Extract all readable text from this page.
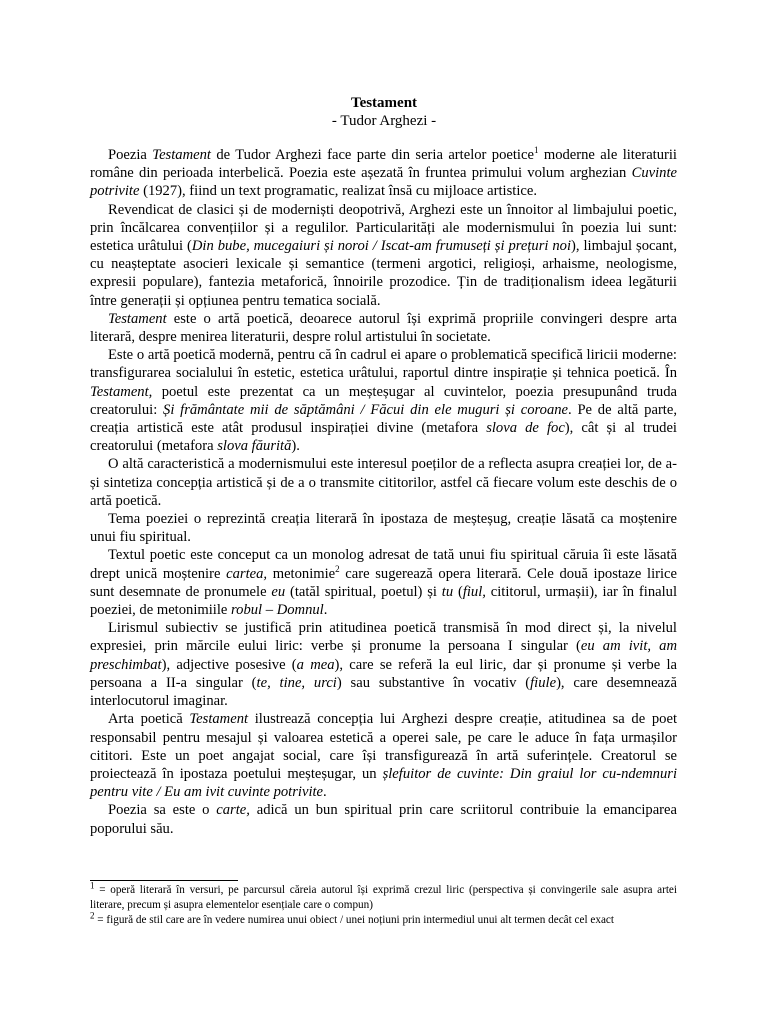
Testament
- Tudor Arghezi -

Poezia Testament de Tudor Arghezi face parte din seria artelor poetice$^1$ moderne ale literaturii române din perioada interbelică. Poezia este așezată în fruntea primului volum arghezian Cuvinte potrivite (1927), fiind un text programatic, realizat însă cu mijloace artistice.

Revendicat de clasici și de moderniști deopotrivă, Arghezi este un înnoitor al limbajului poetic, prin încălcarea convențiilor și a regulilor. Particularități ale modernismului în poezia lui sunt: estetica urâtului (Din bube, mucegaiuri și noroi / Iscat-am frumuseți și prețuri noi), limbajul șocant, cu neașteptate asocieri lexicale și semantice (termeni argotici, religioși, arhaisme, neologisme, expresii populare), fantezia metaforică, înnoirile prozodice. Țin de tradiționalism ideea legăturii între generații și opțiunea pentru tematica socială.

Testament este o artă poetică, deoarece autorul își exprimă propriile convingeri despre arta literară, despre menirea literaturii, despre rolul artistului în societate.

Este o artă poetică modernă, pentru că în cadrul ei apare o problematică specifică liricii moderne: transfigurarea socialului în estetic, estetica urâtului, raportul dintre inspirație și tehnica poetică. În Testament, poetul este prezentat ca un meșteșugar al cuvintelor, poezia presupunând truda creatorului: Și frământate mii de săptămâni / Făcui din ele muguri și coroane. Pe de altă parte, creația artistică este atât produsul inspirației divine (metafora slova de foc), cât și al trudei creatorului (metafora slova făurită).

O altă caracteristică a modernismului este interesul poeților de a reflecta asupra creației lor, de a-și sintetiza concepția artistică și de a o transmite cititorilor, astfel că fiecare volum este deschis de o artă poetică.

Tema poeziei o reprezintă creația literară în ipostaza de meșteșug, creație lăsată ca moștenire unui fiu spiritual.

Textul poetic este conceput ca un monolog adresat de tată unui fiu spiritual căruia îi este lăsată drept unică moștenire cartea, metonimie$^2$ care sugerează opera literară. Cele două ipostaze lirice sunt desemnate de pronumele eu (tatăl spiritual, poetul) și tu (fiul, cititorul, urmașii), iar în finalul poeziei, de metonimiile robul – Domnul.

Lirismul subiectiv se justifică prin atitudinea poetică transmisă în mod direct și, la nivelul expresiei, prin mărcile eului liric: verbe și pronume la persoana I singular (eu am ivit, am preschimbat), adjective posesive (a mea), care se referă la eul liric, dar și pronume și verbe la persoana a II-a singular (te, tine, urci) sau substantive în vocativ (fiule), care desemnează interlocutorul imaginar.

Arta poetică Testament ilustrează concepția lui Arghezi despre creație, atitudinea sa de poet responsabil pentru mesajul și valoarea estetică a operei sale, pe care le aduce în fața urmașilor cititori. Este un poet angajat social, care își transfigurează în artă suferințele. Creatorul se proiectează în ipostaza poetului meșteșugar, un șlefuitor de cuvinte: Din graiul lor cu-ndemnuri pentru vite / Eu am ivit cuvinte potrivite.

Poezia sa este o carte, adică un bun spiritual prin care scriitorul contribuie la emanciparea poporului său.

$^1$ = operă literară în versuri, pe parcursul căreia autorul își exprimă crezul liric (perspectiva și convingerile sale asupra artei literare, precum și asupra elementelor esențiale care o compun)

$^2$ = figură de stil care are în vedere numirea unui obiect / unei noțiuni prin intermediul unui alt termen decât cel exact
